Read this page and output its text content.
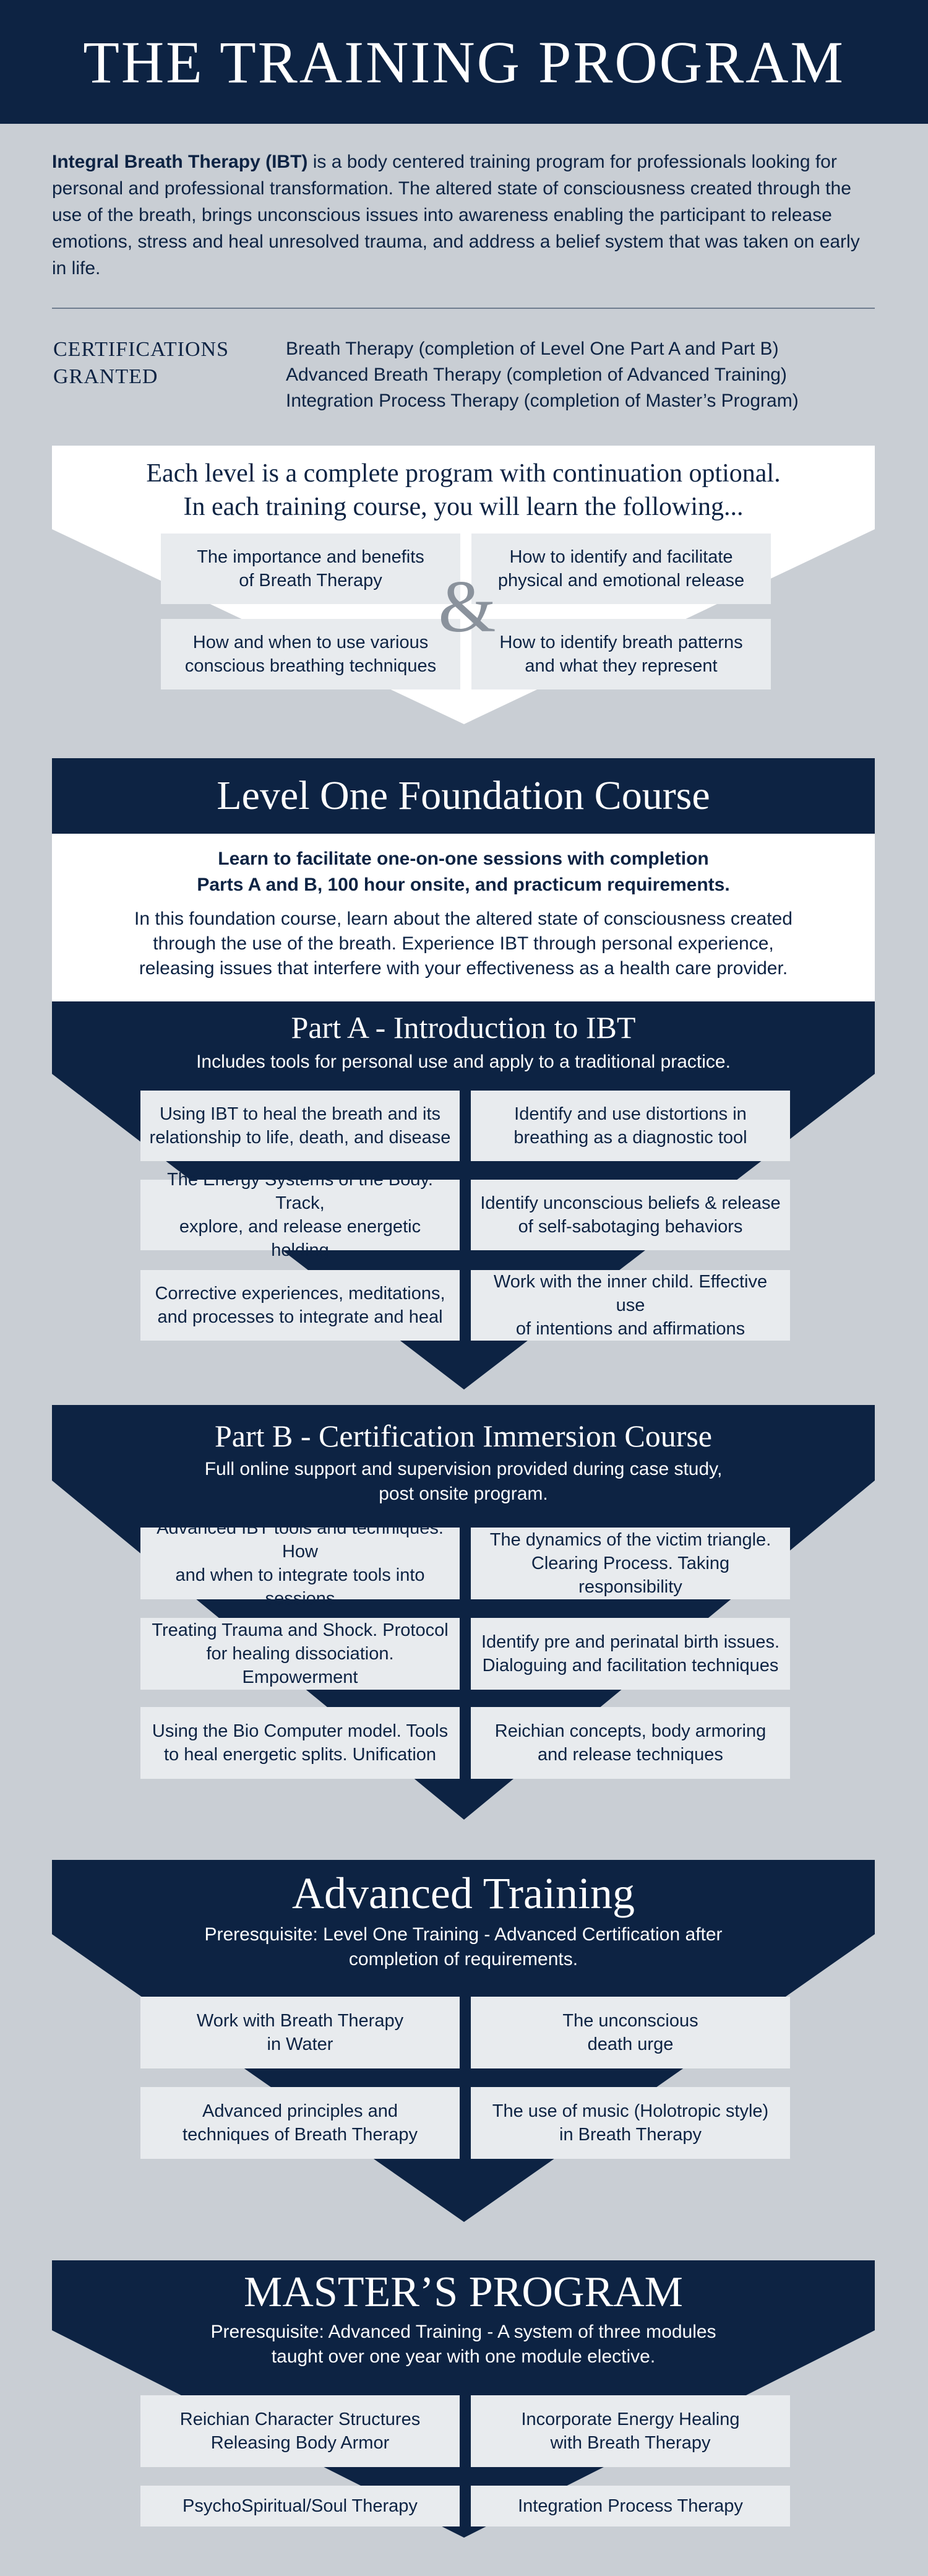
THE TRAINING PROGRAM
Integral Breath Therapy (IBT) is a body centered training program for professionals looking for personal and professional transformation. The altered state of consciousness created through the use of the breath, brings unconscious issues into awareness enabling the participant to release emotions, stress and heal unresolved trauma, and address a belief system that was taken on early in life.
CERTIFICATIONS
GRANTED
Breath Therapy (completion of Level One Part A and Part B)
Advanced Breath Therapy (completion of Advanced Training)
Integration Process Therapy (completion of Master’s Program)
Each level is a complete program with continuation optional.
In each training course, you will learn the following...
The importance and benefits
of Breath Therapy
How to identify and facilitate
physical and emotional release
How and when to use various
conscious breathing techniques
How to identify breath patterns
and what they represent
&
Level One Foundation Course
Learn to facilitate one-on-one sessions with completion
Parts A and B, 100 hour onsite, and practicum requirements.
In this foundation course, learn about the altered state of consciousness created
through the use of the breath. Experience IBT through personal experience,
releasing issues that interfere with your effectiveness as a health care provider.
Part A - Introduction to IBT
Includes tools for personal use and apply to a traditional practice.
Using IBT to heal the breath and its
relationship to life, death, and disease
Identify and use distortions in
breathing as a diagnostic tool
The Energy Systems of the Body. Track,
explore, and release energetic holding
Identify unconscious beliefs & release
of self-sabotaging behaviors
Corrective experiences, meditations,
and processes to integrate and heal
Work with the inner child. Effective use
of intentions and affirmations
Part B - Certification Immersion Course
Full online support and supervision provided during case study,
post onsite program.
Advanced IBT tools and techniques. How
and when to integrate tools into sessions
The dynamics of the victim triangle.
Clearing Process. Taking responsibility
Treating Trauma and Shock. Protocol
for healing dissociation. Empowerment
Identify pre and perinatal birth issues.
Dialoguing and facilitation techniques
Using the Bio Computer model. Tools
to heal energetic splits. Unification
Reichian concepts, body armoring
and release techniques
Advanced Training
Preresquisite: Level One Training - Advanced Certification after
completion of requirements.
Work with Breath Therapy
in Water
The unconscious
death urge
Advanced principles and
techniques of Breath Therapy
The use of music (Holotropic style)
in Breath Therapy
MASTER’S PROGRAM
Preresquisite: Advanced Training - A system of three modules
taught over one year with one module elective.
Reichian Character Structures
Releasing Body Armor
Incorporate Energy Healing
with Breath Therapy
PsychoSpiritual/Soul Therapy	Integration Process Therapy
